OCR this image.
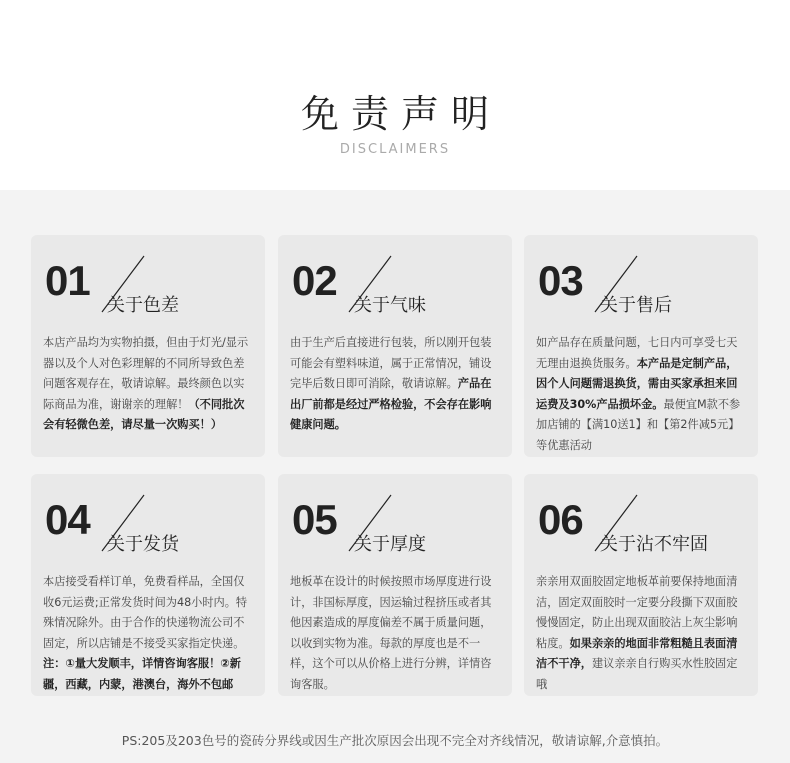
免责声明
DISCLAIMERS
01
关于色差
本店产品均为实物拍摄，但由于灯光/显示器以及个人对色彩理解的不同所导致色差问题客观存在，敬请谅解。最终颜色以实际商品为准，谢谢亲的理解！（不同批次会有轻微色差，请尽量一次购买！）
02
关于气味
由于生产后直接进行包装，所以刚开包装可能会有塑料味道，属于正常情况，铺设完毕后数日即可消除，敬请谅解。产品在出厂前都是经过严格检验，不会存在影响健康问题。
03
关于售后
如产品存在质量问题，七日内可享受七天无理由退换货服务。本产品是定制产品，因个人问题需退换货，需由买家承担来回运费及30%产品损坏金。最便宜M款不参加店铺的【满10送1】和【第2件减5元】等优惠活动
04
关于发货
本店接受看样订单，免费看样品，全国仅收6元运费;正常发货时间为48小时内。特殊情况除外。由于合作的快递物流公司不固定，所以店铺是不接受买家指定快递。注：①量大发顺丰，详情咨询客服！②新疆，西藏，内蒙，港澳台，海外不包邮
05
关于厚度
地板革在设计的时候按照市场厚度进行设计，非国标厚度，因运输过程挤压或者其他因素造成的厚度偏差不属于质量问题，以收到实物为准。每款的厚度也是不一样，这个可以从价格上进行分辨，详情咨询客服。
06
关于沾不牢固
亲亲用双面胶固定地板革前要保持地面清洁，固定双面胶时一定要分段撕下双面胶慢慢固定，防止出现双面胶沾上灰尘影响粘度。如果亲亲的地面非常粗糙且表面清洁不干净，建议亲亲自行购买水性胶固定哦
PS:205及203色号的瓷砖分界线或因生产批次原因会出现不完全对齐线情况，敬请谅解,介意慎拍。
